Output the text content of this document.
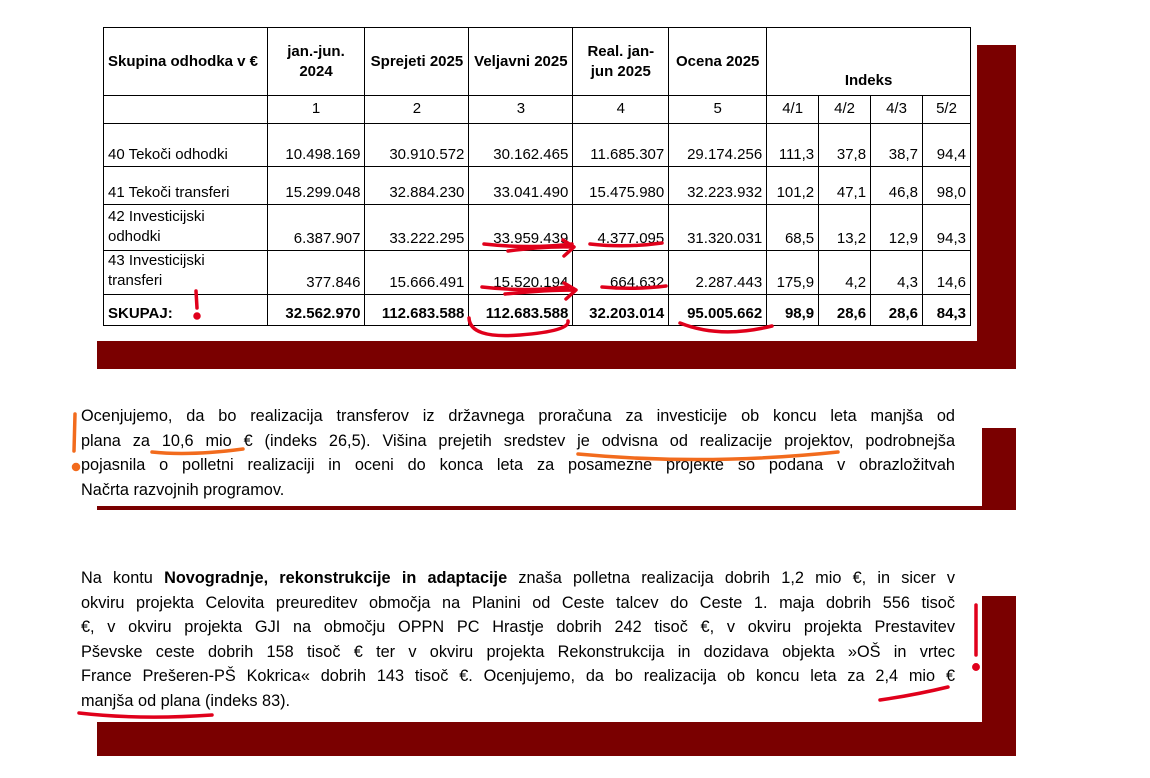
Skupina odhodka v €	jan.-jun. 2024	Sprejeti 2025	Veljavni 2025	Real. jan-jun 2025	Ocena 2025	Indeks			
	1	2	3	4	5	4/1	4/2	4/3	5/2
40 Tekoči odhodki	10.498.169	30.910.572	30.162.465	11.685.307	29.174.256	111,3	37,8	38,7	94,4
41 Tekoči transferi	15.299.048	32.884.230	33.041.490	15.475.980	32.223.932	101,2	47,1	46,8	98,0
42 Investicijski
odhodki	6.387.907	33.222.295	33.959.439	4.377.095	31.320.031	68,5	13,2	12,9	94,3
43 Investicijski
transferi	377.846	15.666.491	15.520.194	664.632	2.287.443	175,9	4,2	4,3	14,6
SKUPAJ:	32.562.970	112.683.588	112.683.588	32.203.014	95.005.662	98,9	28,6	28,6	84,3
Ocenjujemo, da bo realizacija transferov iz državnega proračuna za investicije ob koncu leta manjša od
plana za 10,6 mio € (indeks 26,5). Višina prejetih sredstev je odvisna od realizacije projektov, podrobnejša
pojasnila o polletni realizaciji in oceni do konca leta za posamezne projekte so podana v obrazložitvah
Načrta razvojnih programov.
Na kontu Novogradnje, rekonstrukcije in adaptacije znaša polletna realizacija dobrih 1,2 mio €, in sicer v
okviru projekta Celovita preureditev območja na Planini od Ceste talcev do Ceste 1. maja dobrih 556 tisoč
€, v okviru projekta GJI na območju OPPN PC Hrastje dobrih 242 tisoč €, v okviru projekta Prestavitev
Pševske ceste dobrih 158 tisoč € ter v okviru projekta Rekonstrukcija in dozidava objekta »OŠ in vrtec
France Prešeren-PŠ Kokrica« dobrih 143 tisoč €. Ocenjujemo, da bo realizacija ob koncu leta za 2,4 mio €
manjša od plana (indeks 83).
